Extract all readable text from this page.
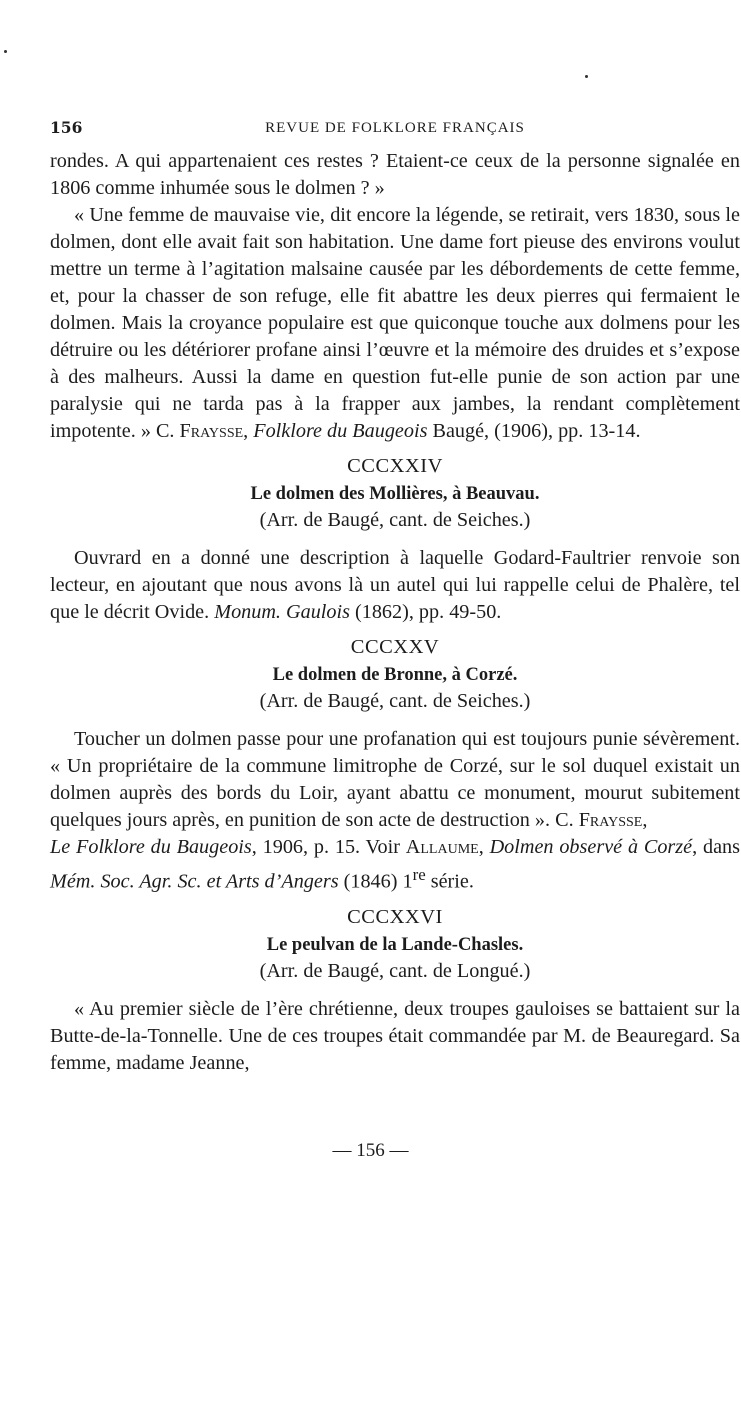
156	REVUE DE FOLKLORE FRANÇAIS

rondes. A qui appartenaient ces restes ? Etaient-ce ceux de la personne signalée en 1806 comme inhumée sous le dolmen ? »

« Une femme de mauvaise vie, dit encore la légende, se retirait, vers 1830, sous le dolmen, dont elle avait fait son habitation. Une dame fort pieuse des environs voulut mettre un terme à l’agitation malsaine causée par les débordements de cette femme, et, pour la chasser de son refuge, elle fit abattre les deux pierres qui fermaient le dolmen. Mais la croyance populaire est que quiconque touche aux dolmens pour les détruire ou les détériorer profane ainsi l’œuvre et la mémoire des druides et s’expose à des malheurs. Aussi la dame en question fut-elle punie de son action par une paralysie qui ne tarda pas à la frapper aux jambes, la rendant complètement impotente. » C. Fraysse, Folklore du Baugeois Baugé, (1906), pp. 13-14.

CCCXXIV
Le dolmen des Mollières, à Beauvau.
(Arr. de Baugé, cant. de Seiches.)

Ouvrard en a donné une description à laquelle Godard-Faultrier renvoie son lecteur, en ajoutant que nous avons là un autel qui lui rappelle celui de Phalère, tel que le décrit Ovide. Monum. Gaulois (1862), pp. 49-50.

CCCXXV
Le dolmen de Bronne, à Corzé.
(Arr. de Baugé, cant. de Seiches.)

Toucher un dolmen passe pour une profanation qui est toujours punie sévèrement. « Un propriétaire de la commune limitrophe de Corzé, sur le sol duquel existait un dolmen auprès des bords du Loir, ayant abattu ce monument, mourut subitement quelques jours après, en punition de son acte de destruction ». C. Fraysse,
Le Folklore du Baugeois, 1906, p. 15. Voir Allaume, Dolmen observé à Corzé, dans Mém. Soc. Agr. Sc. et Arts d’Angers (1846) 1re série.

CCCXXVI
Le peulvan de la Lande-Chasles.
(Arr. de Baugé, cant. de Longué.)

« Au premier siècle de l’ère chrétienne, deux troupes gauloises se battaient sur la Butte-de-la-Tonnelle. Une de ces troupes était commandée par M. de Beauregard. Sa femme, madame Jeanne,

— 156 —
